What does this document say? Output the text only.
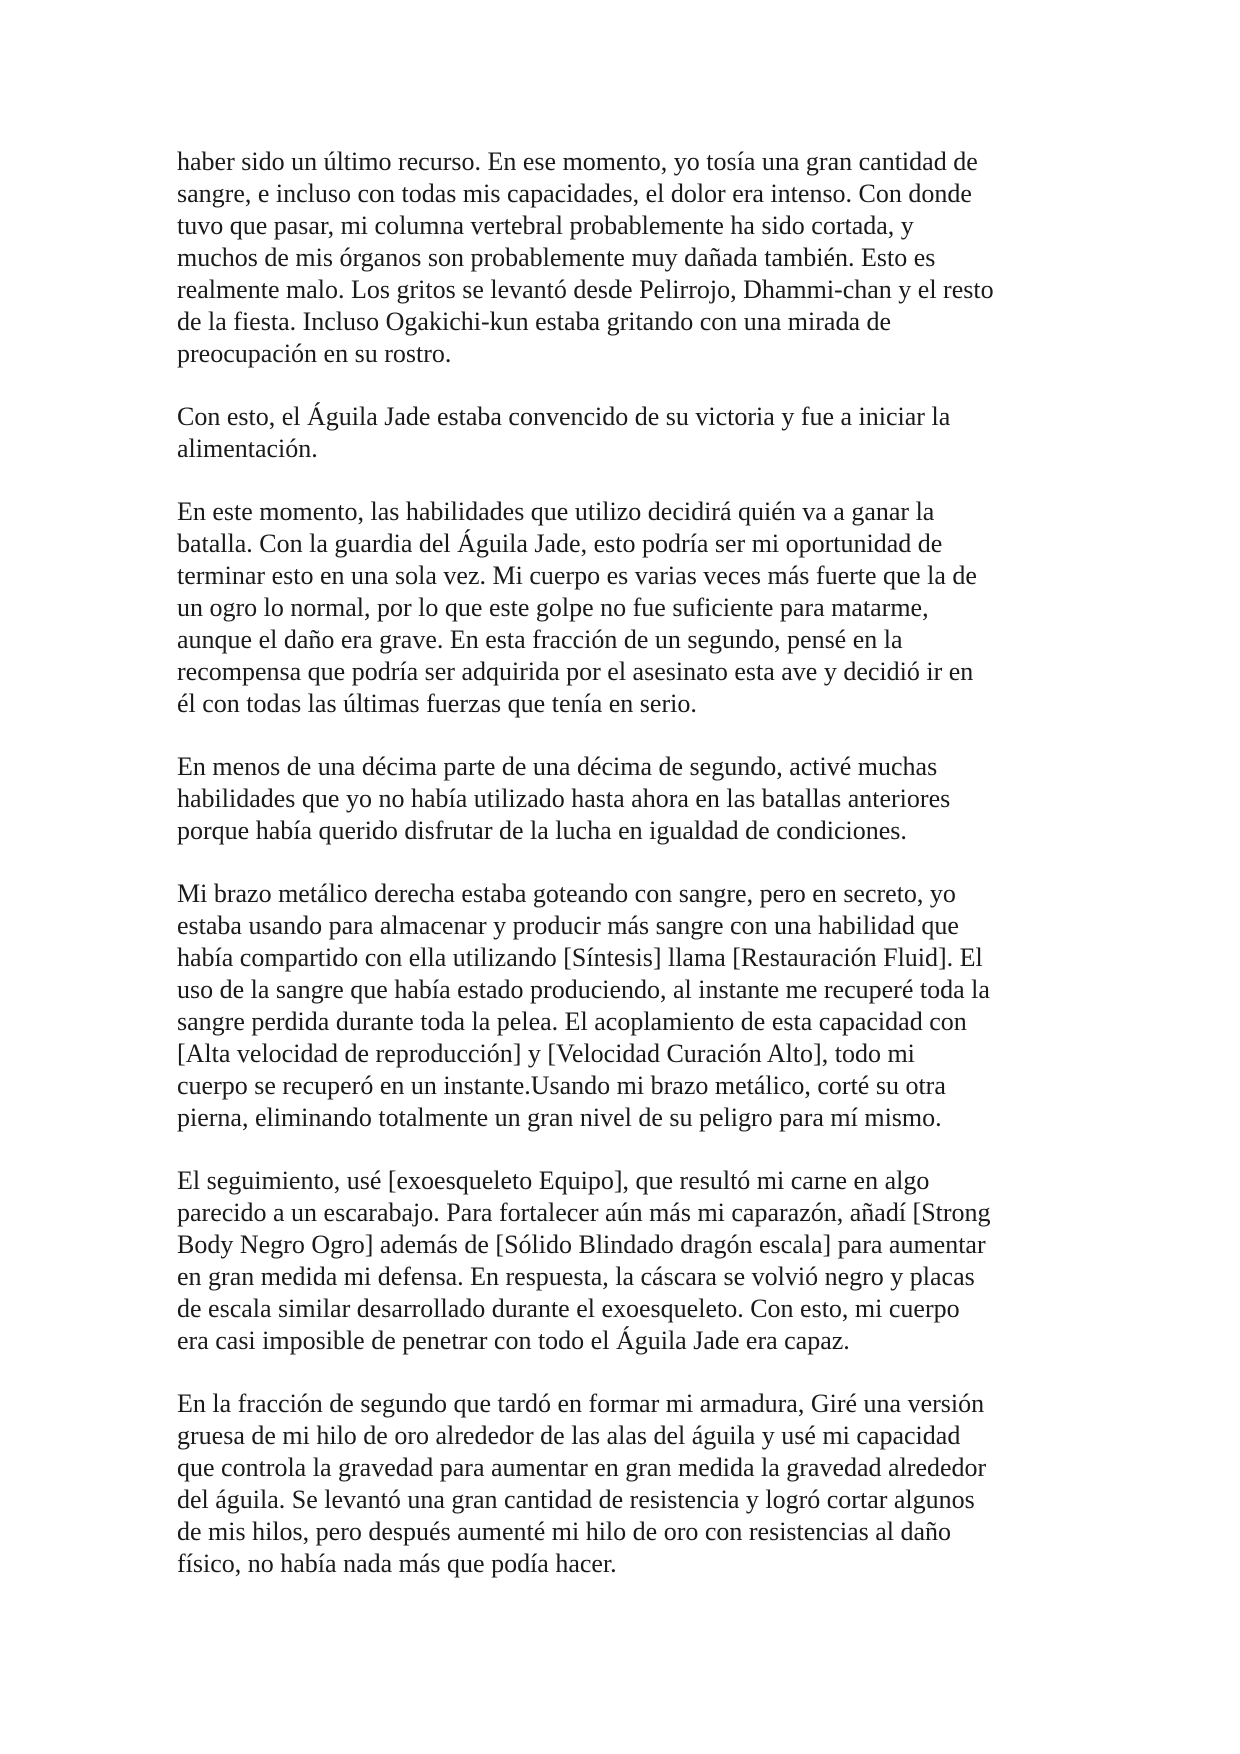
haber sido un último recurso. En ese momento, yo tosía una gran cantidad de
sangre, e incluso con todas mis capacidades, el dolor era intenso. Con donde
tuvo que pasar, mi columna vertebral probablemente ha sido cortada, y
muchos de mis órganos son probablemente muy dañada también. Esto es
realmente malo. Los gritos se levantó desde Pelirrojo, Dhammi-chan y el resto
de la fiesta. Incluso Ogakichi-kun estaba gritando con una mirada de
preocupación en su rostro.

Con esto, el Águila Jade estaba convencido de su victoria y fue a iniciar la
alimentación.

En este momento, las habilidades que utilizo decidirá quién va a ganar la
batalla. Con la guardia del Águila Jade, esto podría ser mi oportunidad de
terminar esto en una sola vez. Mi cuerpo es varias veces más fuerte que la de
un ogro lo normal, por lo que este golpe no fue suficiente para matarme,
aunque el daño era grave. En esta fracción de un segundo, pensé en la
recompensa que podría ser adquirida por el asesinato esta ave y decidió ir en
él con todas las últimas fuerzas que tenía en serio.

En menos de una décima parte de una décima de segundo, activé muchas
habilidades que yo no había utilizado hasta ahora en las batallas anteriores
porque había querido disfrutar de la lucha en igualdad de condiciones.

Mi brazo metálico derecha estaba goteando con sangre, pero en secreto, yo
estaba usando para almacenar y producir más sangre con una habilidad que
había compartido con ella utilizando [Síntesis] llama [Restauración Fluid]. El
uso de la sangre que había estado produciendo, al instante me recuperé toda la
sangre perdida durante toda la pelea. El acoplamiento de esta capacidad con
[Alta velocidad de reproducción] y [Velocidad Curación Alto], todo mi
cuerpo se recuperó en un instante.Usando mi brazo metálico, corté su otra
pierna, eliminando totalmente un gran nivel de su peligro para mí mismo.

El seguimiento, usé [exoesqueleto Equipo], que resultó mi carne en algo
parecido a un escarabajo. Para fortalecer aún más mi caparazón, añadí [Strong
Body Negro Ogro] además de [Sólido Blindado dragón escala] para aumentar
en gran medida mi defensa. En respuesta, la cáscara se volvió negro y placas
de escala similar desarrollado durante el exoesqueleto. Con esto, mi cuerpo
era casi imposible de penetrar con todo el Águila Jade era capaz.

En la fracción de segundo que tardó en formar mi armadura, Giré una versión
gruesa de mi hilo de oro alrededor de las alas del águila y usé mi capacidad
que controla la gravedad para aumentar en gran medida la gravedad alrededor
del águila. Se levantó una gran cantidad de resistencia y logró cortar algunos
de mis hilos, pero después aumenté mi hilo de oro con resistencias al daño
físico, no había nada más que podía hacer.
